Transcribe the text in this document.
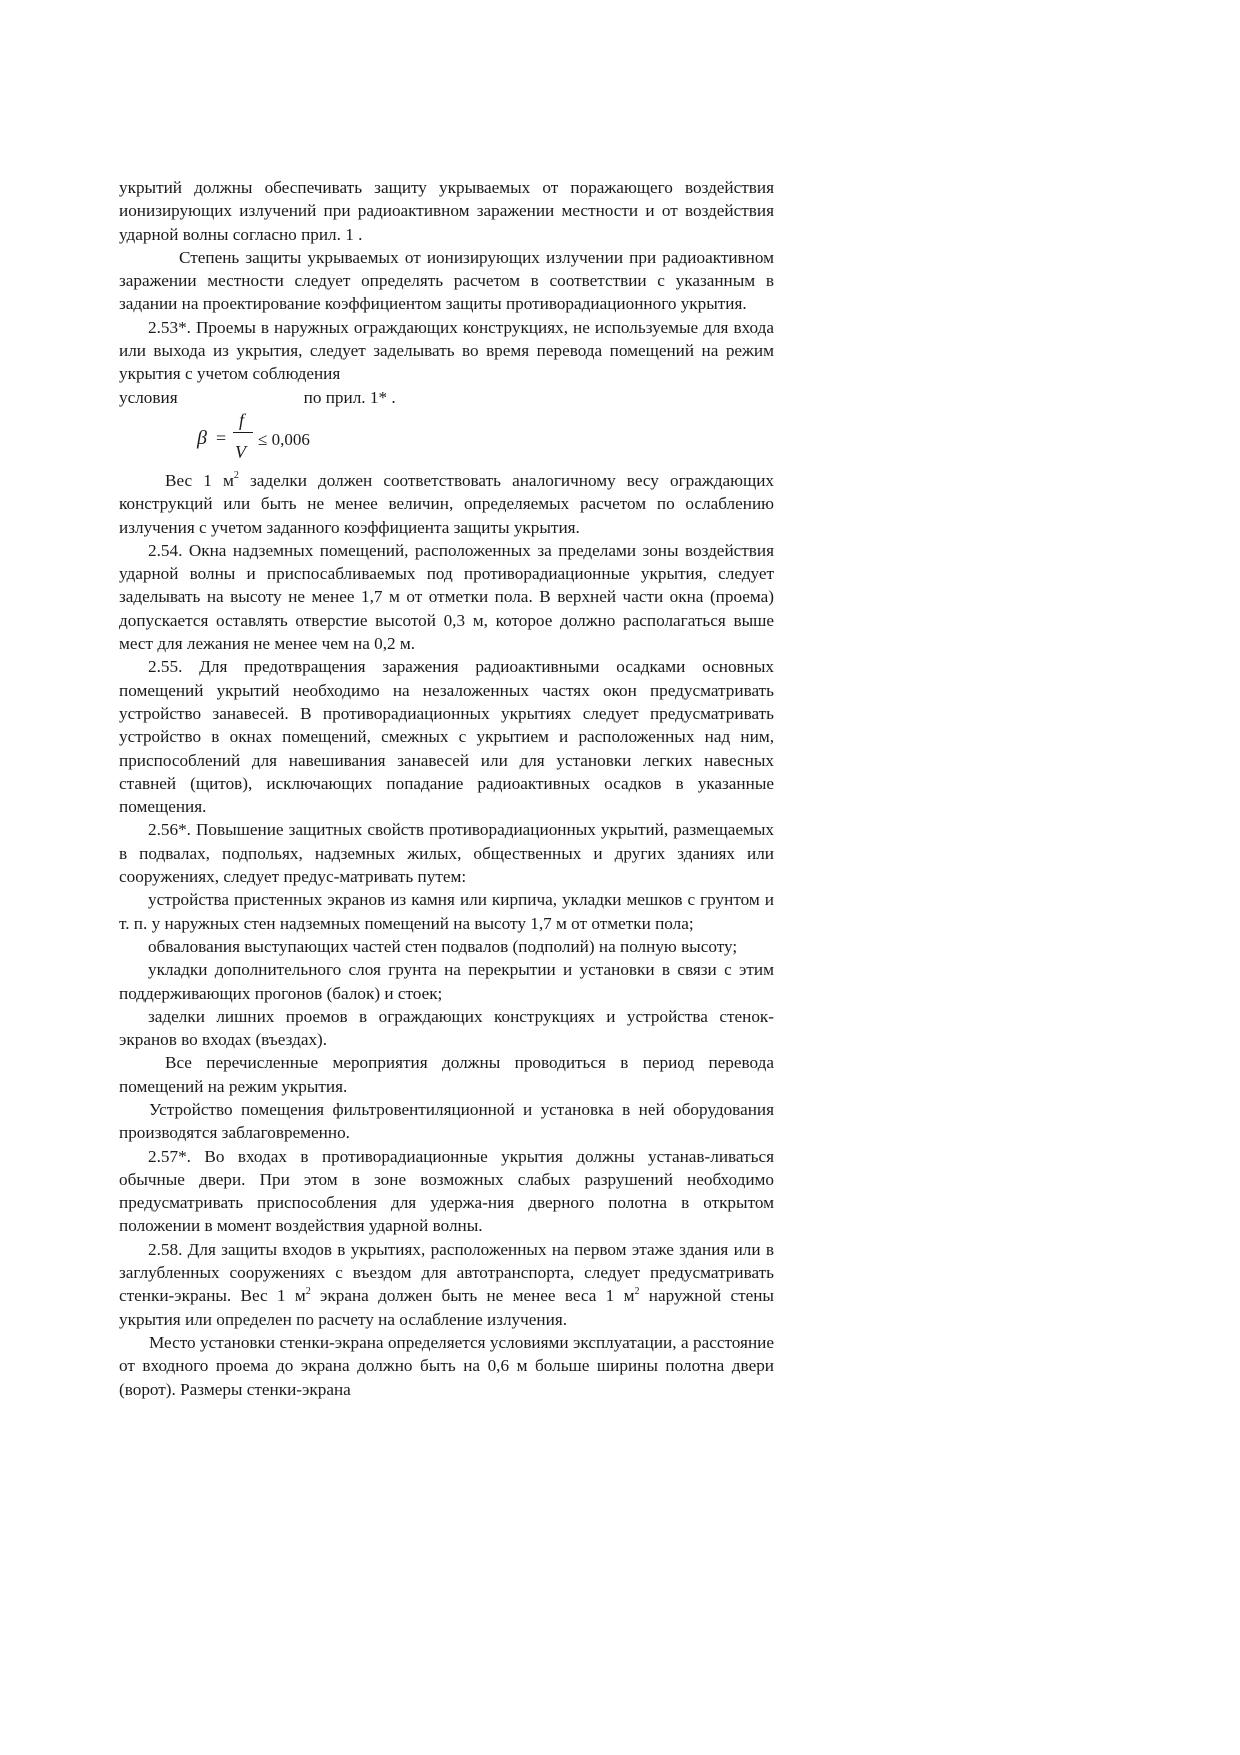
укрытий должны обеспечивать защиту укрываемых от поражающего воздействия ионизирующих излучений при радиоактивном заражении местности и от воздействия ударной волны согласно прил. 1 .

Степень защиты укрываемых от ионизирующих излучении при радиоактивном заражении местности следует определять расчетом в соответствии с указанным в задании на проектирование коэффициентом защиты противорадиационного укрытия.

2.53*. Проемы в наружных ограждающих конструкциях, не используемые для входа или выхода из укрытия, следует заделывать во время перевода помещений на режим укрытия с учетом соблюдения

условия	по прил. 1* .
β =
f
V
≤ 0,006

Вес 1 $м^2$ заделки должен соответствовать аналогичному весу ограждающих конструкций или быть не менее величин, определяемых расчетом по ослаблению излучения с учетом заданного коэффициента защиты укрытия.

2.54. Окна надземных помещений, расположенных за пределами зоны воздействия ударной волны и приспосабливаемых под противорадиационные укрытия, следует заделывать на высоту не менее 1,7 м от отметки пола. В верхней части окна (проема) допускается оставлять отверстие высотой 0,3 м, которое должно располагаться выше мест для лежания не менее чем на 0,2 м.

2.55. Для предотвращения заражения радиоактивными осадками основных помещений укрытий необходимо на незаложенных частях окон предусматривать устройство занавесей. В противорадиационных укрытиях следует предусматривать устройство в окнах помещений, смежных с укрытием и расположенных над ним, приспособлений для навешивания занавесей или для установки легких навесных ставней (щитов), исключающих попадание радиоактивных осадков в указанные помещения.

2.56*. Повышение защитных свойств противорадиационных укрытий, размещаемых в подвалах, подпольях, надземных жилых, общественных и других зданиях или сооружениях, следует предус-матривать путем:

устройства пристенных экранов из камня или кирпича, укладки мешков с грунтом и т. п. у наружных стен надземных помещений на высоту 1,7 м от отметки пола;

обвалования выступающих частей стен подвалов (подполий) на полную высоту;

укладки дополнительного слоя грунта на перекрытии и установки в связи с этим поддерживающих прогонов (балок) и стоек;

заделки лишних проемов в ограждающих конструкциях и устройства стенок-экранов во входах (въездах).

Все перечисленные мероприятия должны проводиться в период перевода помещений на режим укрытия.

Устройство помещения фильтровентиляционной и установка в ней оборудования производятся заблаговременно.

2.57*. Во входах в противорадиационные укрытия должны устанав-ливаться обычные двери. При этом в зоне возможных слабых разрушений необходимо предусматривать приспособления для удержа-ния дверного полотна в открытом положении в момент воздействия ударной волны.

2.58. Для защиты входов в укрытиях, расположенных на первом этаже здания или в заглубленных сооружениях с въездом для автотранспорта, следует предусматривать стенки-экраны. Вес 1 $м^2$ экрана должен быть не менее веса 1 $м^2$ наружной стены укрытия или определен по расчету на ослабление излучения.

Место установки стенки-экрана определяется условиями эксплуатации, а расстояние от входного проема до экрана должно быть на 0,6 м больше ширины полотна двери (ворот). Размеры стенки-экрана
